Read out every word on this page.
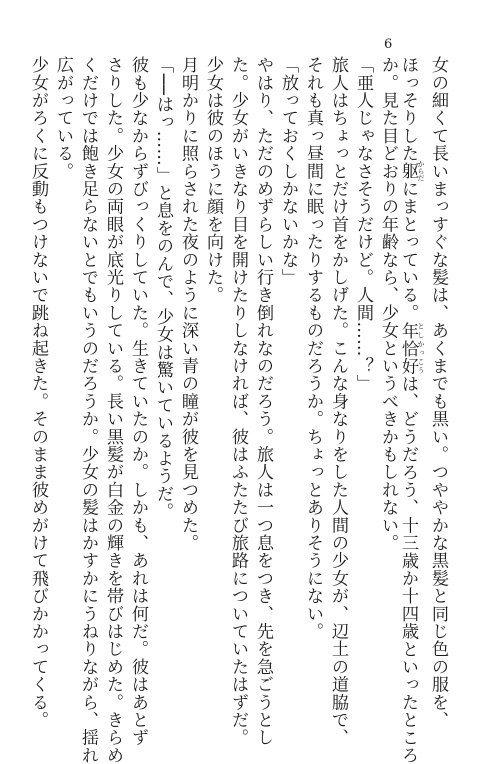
6
女の細くて長いまっすぐな髪は、あくまでも黒い。つややかな黒髪と同じ色の服を、
ほっそりした躯 からだにまとっている。年恰好 としかっこうは、どうだろう、十三歳か十四歳といったところ
か。見た目どおりの年齢なら、少女というべきかもしれない。
「亜人じゃなさそうだけど。人間……？」
旅人はちょっとだけ首をかしげた。こんな身なりをした人間の少女が、辺土の道脇で、
それも真っ昼間に眠ったりするものだろうか。ちょっとありそうにない。
「放っておくしかないかな」
やはり、ただのめずらしい行き倒れなのだろう。旅人は一つ息をつき、先を急ごうとし
た。少女がいきなり目を開けたりしなければ、彼はふたたび旅路についていたはずだ。
少女は彼のほうに顔を向けた。
月明かりに照らされた夜のように深い青の瞳が彼を見つめた。
「──はっ……」と息をのんで、少女は驚いているようだ。
彼も少なからずびっくりしていた。生きていたのか。しかも、あれは何だ。彼はあとず
さりした。少女の両眼が底光りしている。長い黒髪が白金の輝きを帯びはじめた。きらめ
くだけでは飽き足らないとでもいうのだろうか。少女の髪はかすかにうねりながら、揺れ
広がっている。
少女がろくに反動もつけないで跳ね起きた。そのまま彼めがけて飛びかかってくる。
